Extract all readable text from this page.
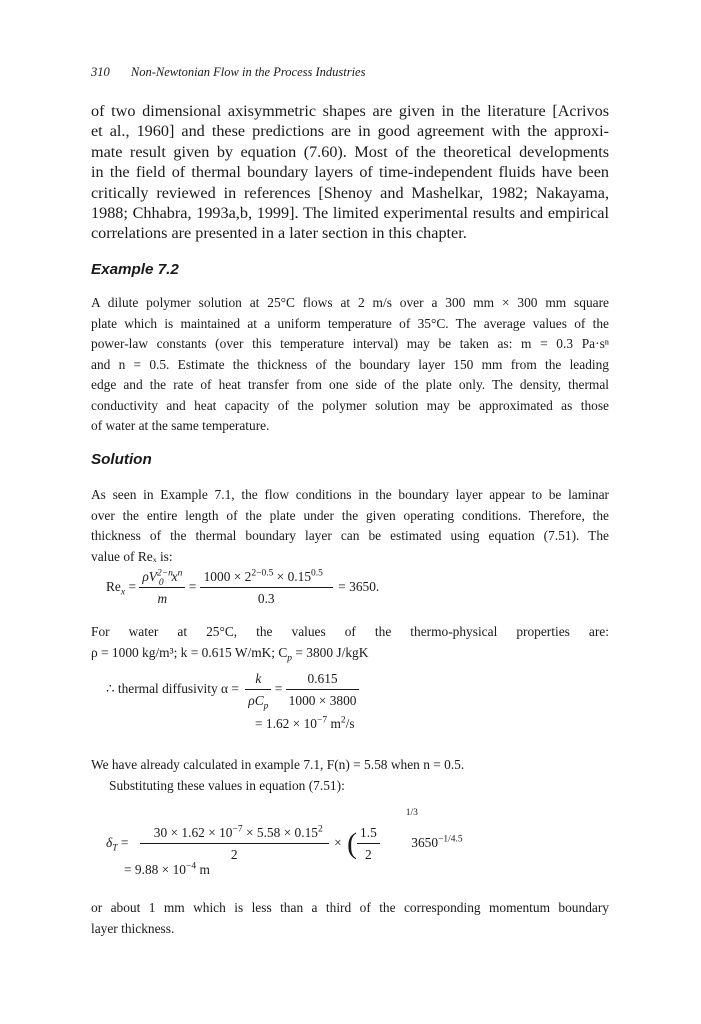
310 Non-Newtonian Flow in the Process Industries
of two dimensional axisymmetric shapes are given in the literature [Acrivos
et al., 1960] and these predictions are in good agreement with the approxi-
mate result given by equation (7.60). Most of the theoretical developments
in the field of thermal boundary layers of time-independent fluids have been
critically reviewed in references [Shenoy and Mashelkar, 1982; Nakayama,
1988; Chhabra, 1993a,b, 1999]. The limited experimental results and empirical
correlations are presented in a later section in this chapter.
Example 7.2
A dilute polymer solution at 25°C flows at 2 m/s over a 300 mm × 300 mm square
plate which is maintained at a uniform temperature of 35°C. The average values of the
power-law constants (over this temperature interval) may be taken as: m = 0.3 Pa·sⁿ
and n = 0.5. Estimate the thickness of the boundary layer 150 mm from the leading
edge and the rate of heat transfer from one side of the plate only. The density, thermal
conductivity and heat capacity of the polymer solution may be approximated as those
of water at the same temperature.
Solution
As seen in Example 7.1, the flow conditions in the boundary layer appear to be laminar
over the entire length of the plate under the given operating conditions. Therefore, the
thickness of the thermal boundary layer can be estimated using equation (7.51). The
value of Reₓ is:
$Re_x = \frac{\rho V^{2-n}_0 x^n}{m} = \frac{1000 \times 2^{2-0.5} \times 0.15^{0.5}}{0.3} = 3650$.
For water at 25°C, the values of the thermo-physical properties are:
ρ = 1000 kg/m³; k = 0.615 W/mK; $C_p = 3800$ J/kgK
∴ thermal diffusivity $\alpha = \frac{k}{\rho C_p} = \frac{0.615}{1000 \times 3800}$
= $1.62 \times 10^{-7}$ $m^2/s$
We have already calculated in example 7.1, F(n) = 5.58 when n = 0.5.
Substituting these values in equation (7.51):
$\delta_T = \frac{30 \times 1.62 \times 10^{-7} \times 5.58 \times 0.15^2}{2}$ × ( $\frac{1.5}{2}$
$^{1/3}$ $3650^{-1/4.5}$
= $9.88 \times 10^{-4}$ m
or about 1 mm which is less than a third of the corresponding momentum boundary
layer thickness.
